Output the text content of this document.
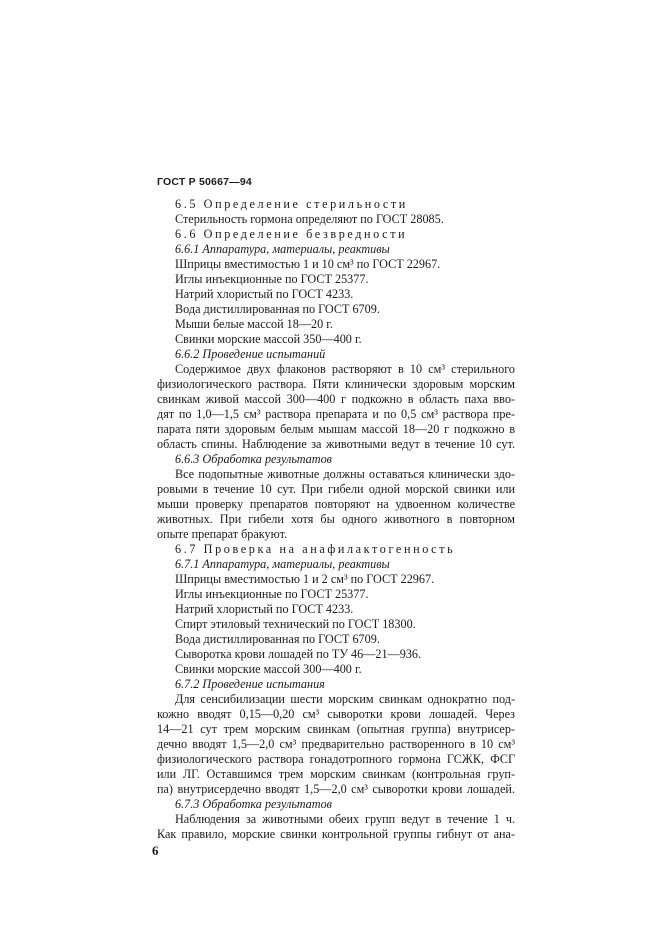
ГОСТ Р 50667—94
6.5 Определение стерильности
Стерильность гормона определяют по ГОСТ 28085.
6.6 Определение безвредности
6.6.1 Аппаратура, материалы, реактивы
Шприцы вместимостью 1 и 10 см³ по ГОСТ 22967.
Иглы инъекционные по ГОСТ 25377.
Натрий хлористый по ГОСТ 4233.
Вода дистиллированная по ГОСТ 6709.
Мыши белые массой 18—20 г.
Свинки морские массой 350—400 г.
6.6.2 Проведение испытаний
Содержимое двух флаконов растворяют в 10 см³ стерильного
физиологического раствора. Пяти клинически здоровым морским
свинкам живой массой 300—400 г подкожно в область паха вво-
дят по 1,0—1,5 см³ раствора препарата и по 0,5 см³ раствора пре-
парата пяти здоровым белым мышам массой 18—20 г подкожно в
область спины. Наблюдение за животными ведут в течение 10 сут.
6.6.3 Обработка результатов
Все подопытные животные должны оставаться клинически здо-
ровыми в течение 10 сут. При гибели одной морской свинки или
мыши проверку препаратов повторяют на удвоенном количестве
животных. При гибели хотя бы одного животного в повторном
опыте препарат бракуют.
6.7 Проверка на анафилактогенность
6.7.1 Аппаратура, материалы, реактивы
Шприцы вместимостью 1 и 2 см³ по ГОСТ 22967.
Иглы инъекционные по ГОСТ 25377.
Натрий хлористый по ГОСТ 4233.
Спирт этиловый технический по ГОСТ 18300.
Вода дистиллированная по ГОСТ 6709.
Сыворотка крови лошадей по ТУ 46—21—936.
Свинки морские массой 300—400 г.
6.7.2 Проведение испытания
Для сенсибилизации шести морским свинкам однократно под-
кожно вводят 0,15—0,20 см³ сыворотки крови лошадей. Через
14—21 сут трем морским свинкам (опытная группа) внутрисер-
дечно вводят 1,5—2,0 см³ предварительно растворенного в 10 см³
физиологического раствора гонадотропного гормона ГСЖК, ФСГ
или ЛГ. Оставшимся трем морским свинкам (контрольная груп-
па) внутрисердечно вводят 1,5—2,0 см³ сыворотки крови лошадей.
6.7.3 Обработка результатов
Наблюдения за животными обеих групп ведут в течение 1 ч.
Как правило, морские свинки контрольной группы гибнут от ана-
6
